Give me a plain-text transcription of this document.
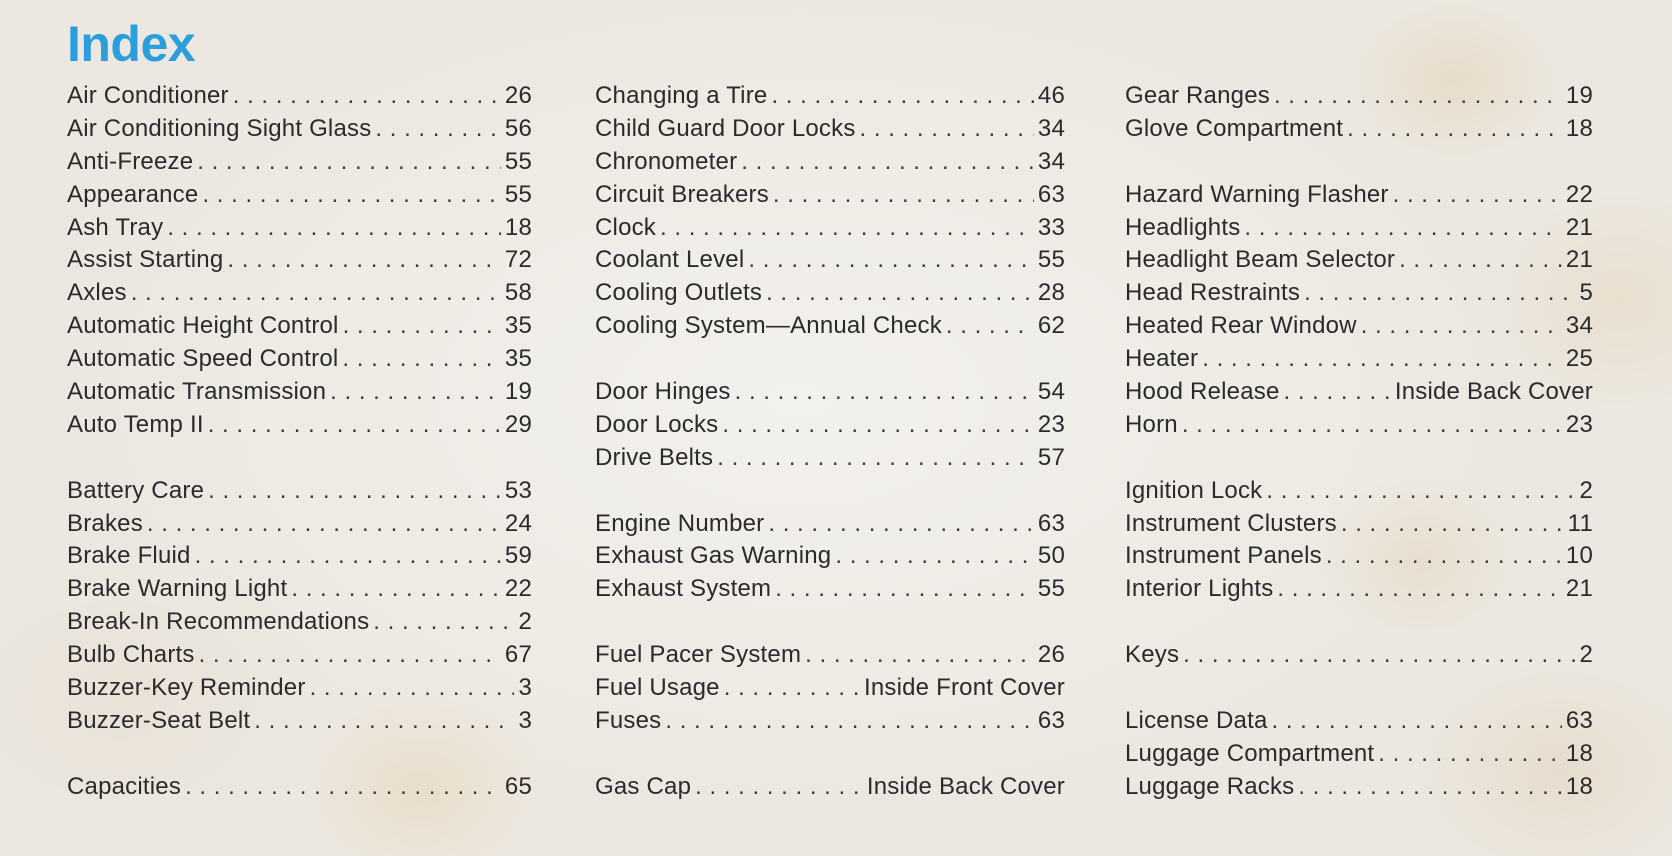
Index
Air Conditioner . . .	26
Air Conditioning Sight Glass . . .	56
Anti-Freeze . . .	55
Appearance . . .	55
Ash Tray . . .	18
Assist Starting . . .	72
Axles . . .	58
Automatic Height Control . . .	35
Automatic Speed Control . . .	35
Automatic Transmission . . .	19
Auto Temp II . . .	29
Battery Care . . .	53
Brakes . . .	24
Brake Fluid . . .	59
Brake Warning Light . . .	22
Break-In Recommendations . . .	2
Bulb Charts . . .	67
Buzzer-Key Reminder . . .	3
Buzzer-Seat Belt . . .	3
Capacities . . .	65
Changing a Tire . . .	46
Child Guard Door Locks . . .	34
Chronometer . . .	34
Circuit Breakers . . .	63
Clock . . .	33
Coolant Level . . .	55
Cooling Outlets . . .	28
Cooling System—Annual Check . . .	62
Door Hinges . . .	54
Door Locks . . .	23
Drive Belts . . .	57
Engine Number . . .	63
Exhaust Gas Warning . . .	50
Exhaust System . . .	55
Fuel Pacer System . . .	26
Fuel Usage . . .	Inside Front Cover
Fuses . . .	63
Gas Cap . . .	Inside Back Cover
Gear Ranges . . .	19
Glove Compartment . . .	18
Hazard Warning Flasher . . .	22
Headlights . . .	21
Headlight Beam Selector . . .	21
Head Restraints . . .	5
Heated Rear Window . . .	34
Heater . . .	25
Hood Release . . .	Inside Back Cover
Horn . . .	23
Ignition Lock . . .	2
Instrument Clusters . . .	11
Instrument Panels . . .	10
Interior Lights . . .	21
Keys . . .	2
License Data . . .	63
Luggage Compartment . . .	18
Luggage Racks . . .	18
